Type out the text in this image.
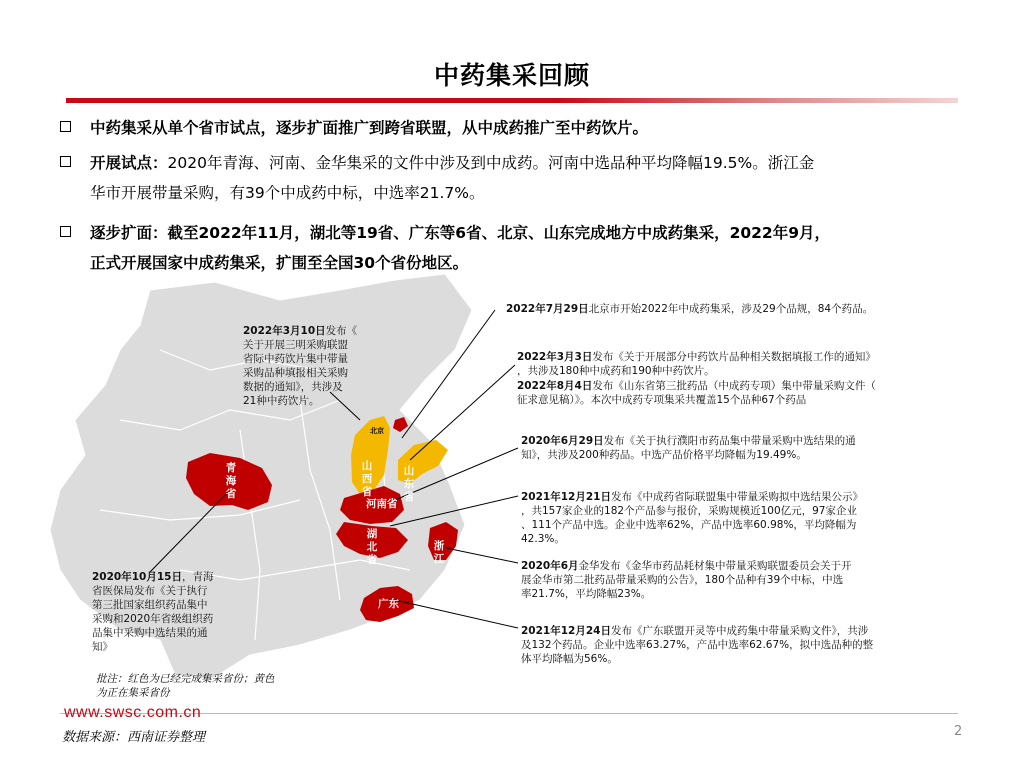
中药集采回顾
中药集采从单个省市试点，逐步扩面推广到跨省联盟，从中成药推广至中药饮片。
开展试点：2020年青海、河南、金华集采的文件中涉及到中成药。河南中选品种平均降幅19.5%。浙江金
华市开展带量采购，有39个中成药中标，中选率21.7%。
逐步扩面：截至2022年11月，湖北等19省、广东等6省、北京、山东完成地方中成药集采，2022年9月，
正式开展国家中成药集采，扩围至全国30个省份地区。
青
海
省
北京
山西省
山东省
河南省
湖北省
浙江
广东
2022年7月29日北京市开始2022年中成药集采，涉及29个品规，84个药品。
2022年3月10日发布《
关于开展三明采购联盟
省际中药饮片集中带量
采购品种填报相关采购
数据的通知》，共涉及
21种中药饮片。
2022年3月3日发布《关于开展部分中药饮片品种相关数据填报工作的通知》
，共涉及180种中成药和190种中药饮片。
2022年8月4日发布《山东省第三批药品（中成药专项）集中带量采购文件（
征求意见稿）》。本次中成药专项集采共覆盖15个品种67个药品
2020年6月29日发布《关于执行濮阳市药品集中带量采购中选结果的通
知》，共涉及200种药品。中选产品价格平均降幅为19.49%。
2021年12月21日发布《中成药省际联盟集中带量采购拟中选结果公示》
，共157家企业的182个产品参与报价，采购规模近100亿元，97家企业
、111个产品中选。企业中选率62%，产品中选率60.98%，平均降幅为
42.3%。
2020年6月金华发布《金华市药品耗材集中带量采购联盟委员会关于开
展金华市第二批药品带量采购的公告》，180个品种有39个中标，中选
率21.7%，平均降幅23%。
2021年12月24日发布《广东联盟开灵等中成药集中带量采购文件》，共涉
及132个药品。企业中选率63.27%，产品中选率62.67%，拟中选品种的整
体平均降幅为56%。
2020年10月15日，青海
省医保局发布《关于执行
第三批国家组织药品集中
采购和2020年省级组织药
品集中采购中选结果的通
知》
批注：红色为已经完成集采省份；黄色
为正在集采省份
www.swsc.com.cn
数据来源：西南证券整理	2
